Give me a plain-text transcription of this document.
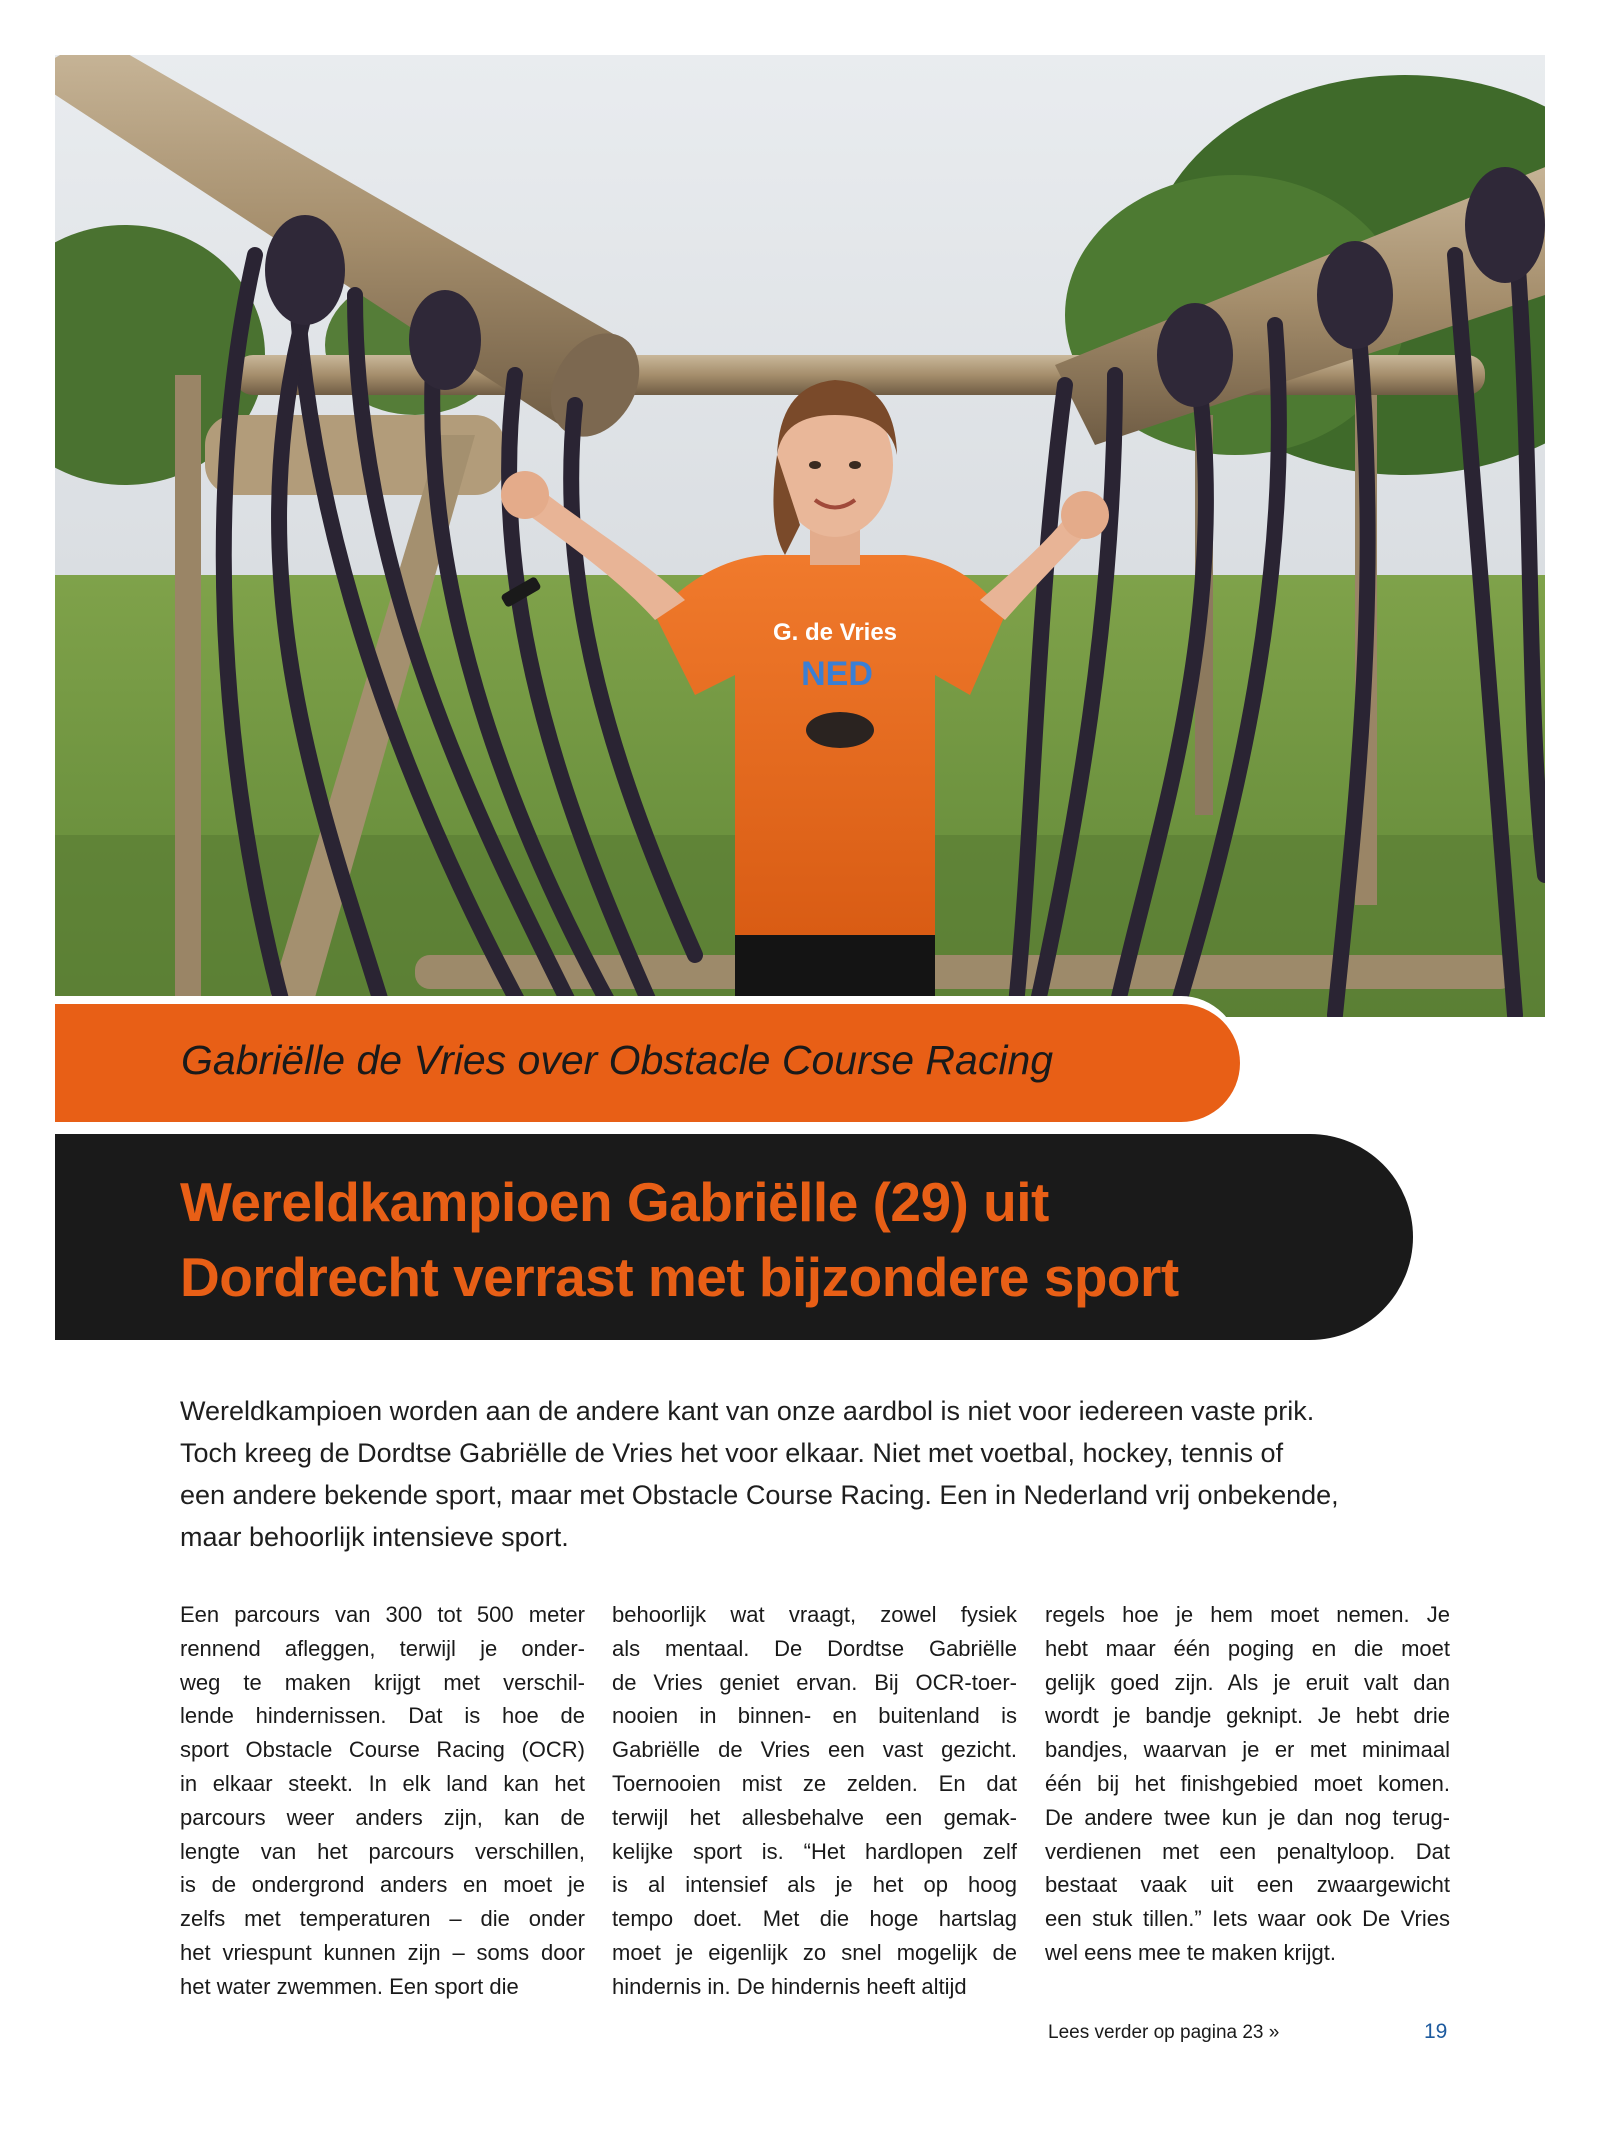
G. de Vries
NED
Gabriëlle de Vries over Obstacle Course Racing
Wereldkampioen Gabriëlle (29) uit
Dordrecht verrast met bijzondere sport
Wereldkampioen worden aan de andere kant van onze aardbol is niet voor iedereen vaste prik.
Toch kreeg de Dordtse Gabriëlle de Vries het voor elkaar. Niet met voetbal, hockey, tennis of
een andere bekende sport, maar met Obstacle Course Racing. Een in Nederland vrij onbekende,
maar behoorlijk intensieve sport.
Een parcours van 300 tot 500 meter
rennend afleggen, terwijl je onder-
weg te maken krijgt met verschil-
lende hindernissen. Dat is hoe de
sport Obstacle Course Racing (OCR)
in elkaar steekt. In elk land kan het
parcours weer anders zijn, kan de
lengte van het parcours verschillen,
is de ondergrond anders en moet je
zelfs met temperaturen – die onder
het vriespunt kunnen zijn – soms door
het water zwemmen. Een sport die
behoorlijk wat vraagt, zowel fysiek
als mentaal. De Dordtse Gabriëlle
de Vries geniet ervan. Bij OCR-toer-
nooien in binnen- en buitenland is
Gabriëlle de Vries een vast gezicht.
Toernooien mist ze zelden. En dat
terwijl het allesbehalve een gemak-
kelijke sport is. “Het hardlopen zelf
is al intensief als je het op hoog
tempo doet. Met die hoge hartslag
moet je eigenlijk zo snel mogelijk de
hindernis in. De hindernis heeft altijd
regels hoe je hem moet nemen. Je
hebt maar één poging en die moet
gelijk goed zijn. Als je eruit valt dan
wordt je bandje geknipt. Je hebt drie
bandjes, waarvan je er met minimaal
één bij het finishgebied moet komen.
De andere twee kun je dan nog terug-
verdienen met een penaltyloop. Dat
bestaat vaak uit een zwaargewicht
een stuk tillen.” Iets waar ook De Vries
wel eens mee te maken krijgt.
Lees verder op pagina 23 »	19
